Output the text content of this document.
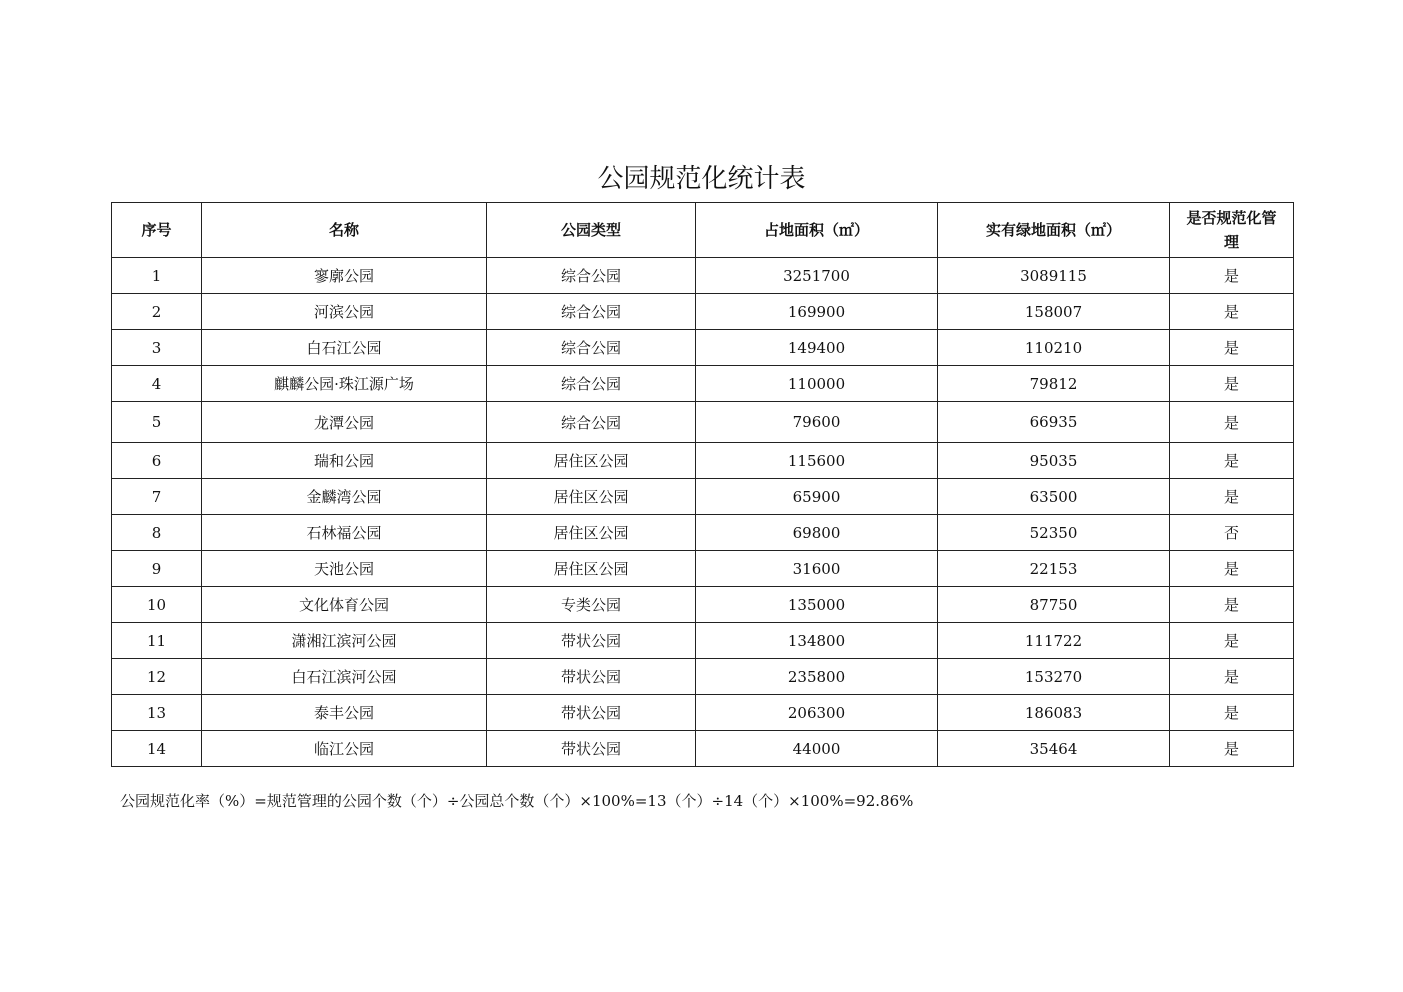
公园规范化统计表
序号	名称	公园类型	占地面积（㎡）	实有绿地面积（㎡）	是否规范化管理
1	寥廓公园	综合公园	3251700	3089115	是
2	河滨公园	综合公园	169900	158007	是
3	白石江公园	综合公园	149400	110210	是
4	麒麟公园·珠江源广场	综合公园	110000	79812	是
5	龙潭公园	综合公园	79600	66935	是
6	瑞和公园	居住区公园	115600	95035	是
7	金麟湾公园	居住区公园	65900	63500	是
8	石林福公园	居住区公园	69800	52350	否
9	天池公园	居住区公园	31600	22153	是
10	文化体育公园	专类公园	135000	87750	是
11	潇湘江滨河公园	带状公园	134800	111722	是
12	白石江滨河公园	带状公园	235800	153270	是
13	泰丰公园	带状公园	206300	186083	是
14	临江公园	带状公园	44000	35464	是
公园规范化率（%）=规范管理的公园个数（个）÷公园总个数（个）×100%=13（个）÷14（个）×100%=92.86%
